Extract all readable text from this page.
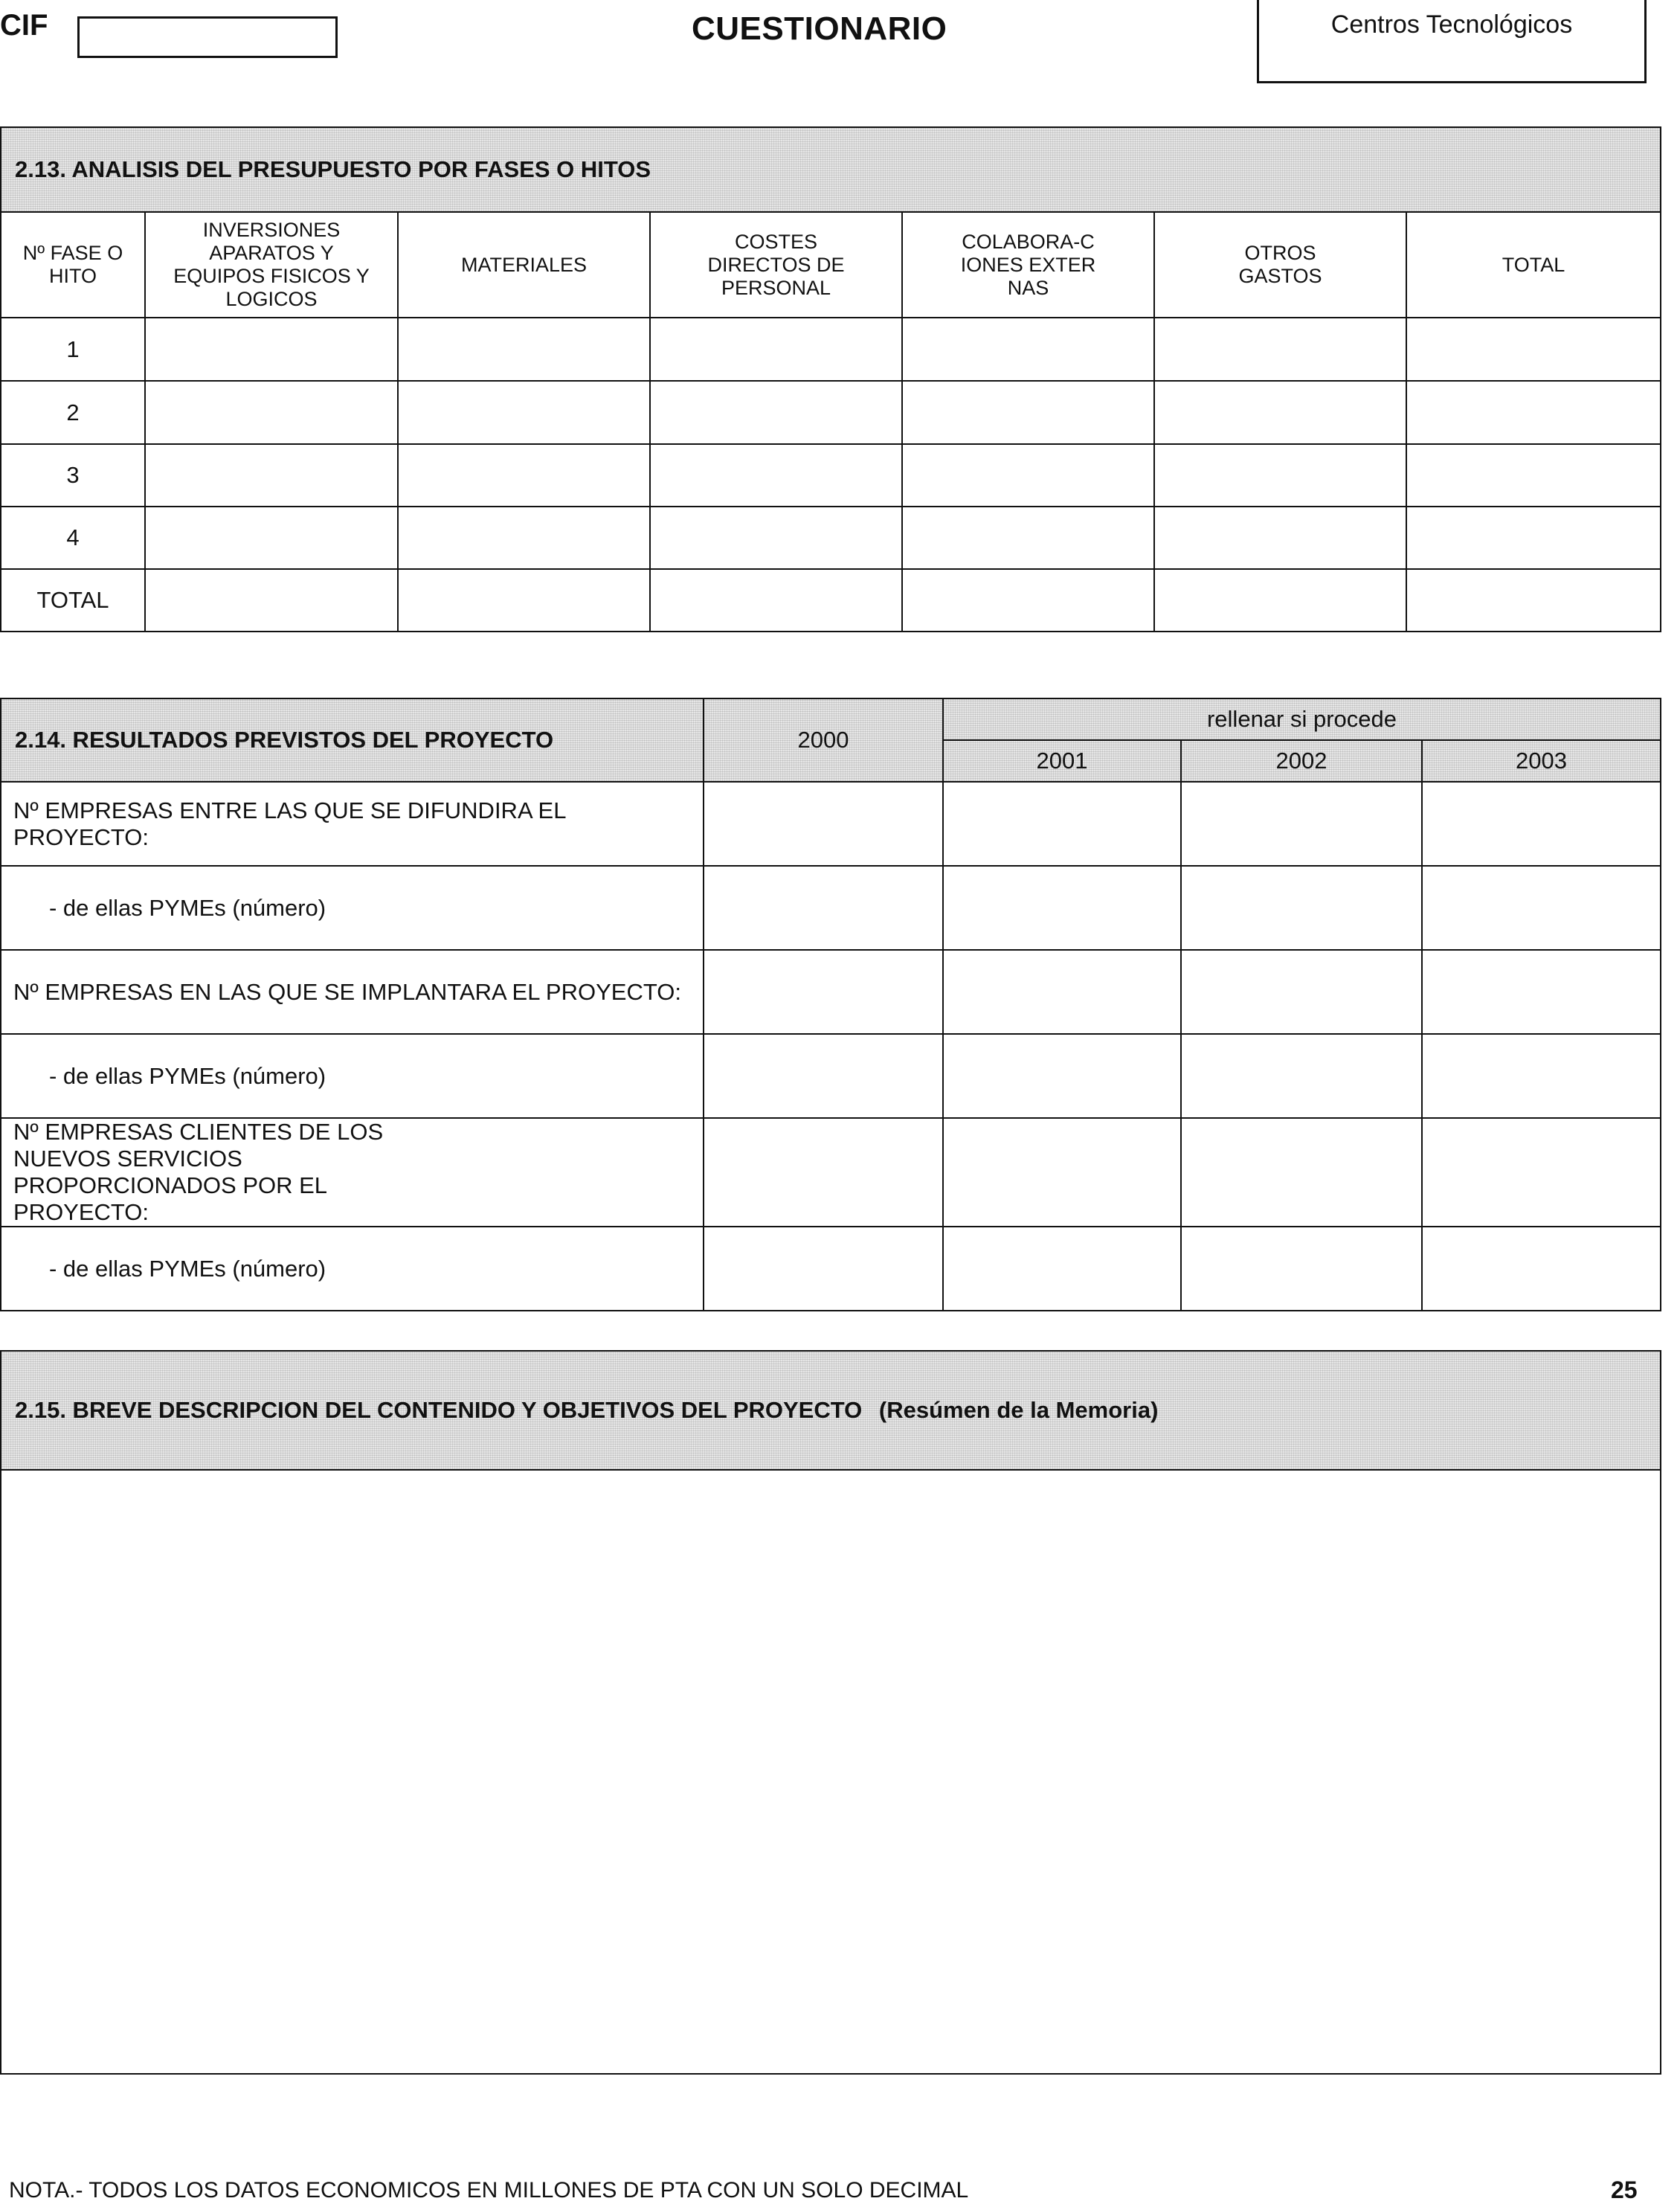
CIF	CUESTIONARIO	Centros Tecnológicos
2.13. ANALISIS DEL PRESUPUESTO POR FASES O HITOS						
Nº FASE O HITO	INVERSIONES APARATOS Y EQUIPOS FISICOS Y LOGICOS	MATERIALES	COSTES DIRECTOS DE PERSONAL	COLABORA-CIONES EXTERNAS	OTROS GASTOS	TOTAL
1						
2						
3						
4						
TOTAL						
2.14. RESULTADOS PREVISTOS DEL PROYECTO	2000	rellenar si procede		
		2001	2002	2003
Nº EMPRESAS ENTRE LAS QUE SE DIFUNDIRA EL PROYECTO:				
- de ellas PYMEs (número)				
Nº EMPRESAS EN LAS QUE SE IMPLANTARA EL PROYECTO:				
- de ellas PYMEs (número)				
Nº EMPRESAS CLIENTES DE LOS NUEVOS SERVICIOS PROPORCIONADOS POR EL PROYECTO:				
- de ellas PYMEs (número)				
2.15. BREVE DESCRIPCION DEL CONTENIDO Y OBJETIVOS DEL PROYECTO (Resúmen de la Memoria)

NOTA.- TODOS LOS DATOS ECONOMICOS EN MILLONES DE PTA CON UN SOLO DECIMAL	25
